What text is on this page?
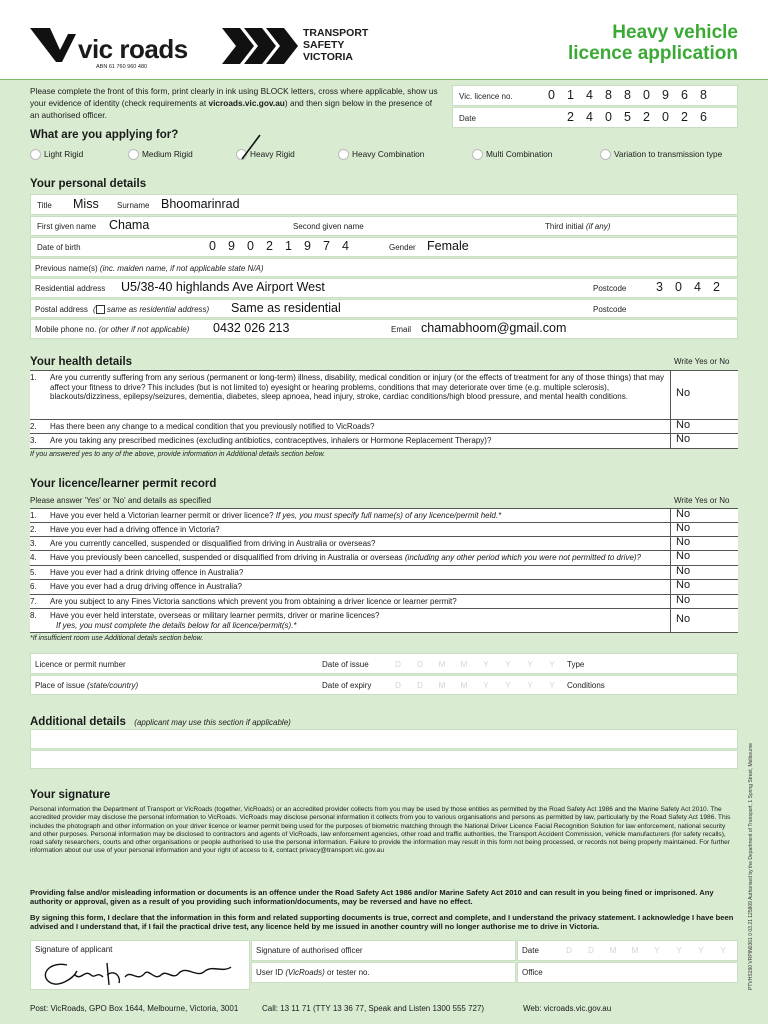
vic roads
ABN 61 760 960 480
TRANSPORT
SAFETY
VICTORIA
Heavy vehicle
licence application
Please complete the front of this form, print clearly in ink using BLOCK letters, cross where applicable, show us your evidence of identity (check requirements at vicroads.vic.gov.au) and then sign below in the presence of an authorised officer.
Vic. licence no.	0 1 4 8 8 0 9 6 8
Date	2 4 0 5 2 0 2 6
What are you applying for?
Light Rigid	Medium Rigid	Heavy Rigid	Heavy Combination	Multi Combination	Variation to transmission type
Your personal details
Title Miss Surname Bhoomarinrad
First given name Chama	Second given name	Third initial (if any)
Date of birth	0 9 0 2 1 9 7 4	Gender Female
Previous name(s) (inc. maiden name, if not applicable state N/A)
Residential address U5/38-40 highlands Ave Airport West	Postcode	3 0 4 2
Postal address ( same as residential address) Same as residential	Postcode
Mobile phone no. (or other if not applicable) 0432 026 213	Email chamabhoom@gmail.com
Your health details	Write Yes or No
1.	Are you currently suffering from any serious (permanent or long-term) illness, disability, medical condition or injury (or the effects of treatment for any of those things) that may affect your fitness to drive? This includes (but is not limited to) eyesight or hearing problems, conditions that may deteriorate over time (e.g. multiple sclerosis), blackouts/dizziness, epilepsy/seizures, dementia, diabetes, sleep apnoea, head injury, stroke, cardiac conditions/high blood pressure, and mental health conditions.	No
2. Has there been any change to a medical condition that you previously notified to VicRoads?	No
3. Are you taking any prescribed medicines (excluding antibiotics, contraceptives, inhalers or Hormone Replacement Therapy)?	No
If you answered yes to any of the above, provide information in Additional details section below.
Your licence/learner permit record
Please answer 'Yes' or 'No' and details as specified	Write Yes or No
1. Have you ever held a Victorian learner permit or driver licence? If yes, you must specify full name(s) of any licence/permit held.*	No
2. Have you ever had a driving offence in Victoria?	No
3. Are you currently cancelled, suspended or disqualified from driving in Australia or overseas?	No
4. Have you previously been cancelled, suspended or disqualified from driving in Australia or overseas (including any other period which you were not permitted to drive)?	No
5. Have you ever had a drink driving offence in Australia?	No
6. Have you ever had a drug driving offence in Australia?	No
7. Are you subject to any Fines Victoria sanctions which prevent you from obtaining a driver licence or learner permit?	No
8. Have you ever held interstate, overseas or military learner permits, driver or marine licences?
If yes, you must complete the details below for all licence/permit(s).*	No
*If insufficient room use Additional details section below.
Licence or permit number	Date of issue	D	D	M	M	Y	Y	Y	Y	Type
Place of issue (state/country)	Date of expiry	D	D	M	M	Y	Y	Y	Y	Conditions
Additional details (applicant may use this section if applicable)
Your signature
Personal information the Department of Transport or VicRoads (together, VicRoads) or an accredited provider collects from you may be used by those entities as permitted by the Road Safety Act 1986 and the Marine Safety Act 2010. The accredited provider may disclose the personal information to VicRoads. VicRoads may disclose personal information it collects from you to various organisations and persons as permitted by law, particularly by the Road Safety Act 1986. This includes the photograph and other information on your driver licence or learner permit being used for the purposes of biometric matching through the National Driver Licence Facial Recognition Solution for law enforcement, national security and other purposes. Personal information may be disclosed to contractors and agents of VicRoads, law enforcement agencies, other road and traffic authorities, the Transport Accident Commission, vehicle manufacturers (for safety recalls), road safety researchers, courts and other organisations or people authorised to use the personal information. Failure to provide the information may result in this form not being processed, or records not being properly maintained. For further information about our use of your personal information and your right of access to it, contact privacy@transport.vic.gov.au
Providing false and/or misleading information or documents is an offence under the Road Safety Act 1986 and/or Marine Safety Act 2010 and can result in you being fined or imprisoned. Any authority or approval, given as a result of you providing such information/documents, may be reversed and have no effect.
By signing this form, I declare that the information in this form and related supporting documents is true, correct and complete, and I understand the privacy statement. I acknowledge I have been advised and I understand that, if I fail the practical drive test, any licence held by me issued in another country will no longer authorise me to drive in Victoria.
Signature of applicant	Signature of authorised officer	Date	D	D	M	M	Y	Y	Y	Y
User ID (VicRoads) or tester no.	Office
Post: VicRoads, GPO Box 1644, Melbourne, Victoria, 3001	Call: 13 11 71 (TTY 13 36 77, Speak and Listen 1300 555 727)	Web: vicroads.vic.gov.au
PTVHS190 VRPIN0361 0 03.21 125809 Authorised by the Department of Transport, 1 Spring Street, Melbourne
